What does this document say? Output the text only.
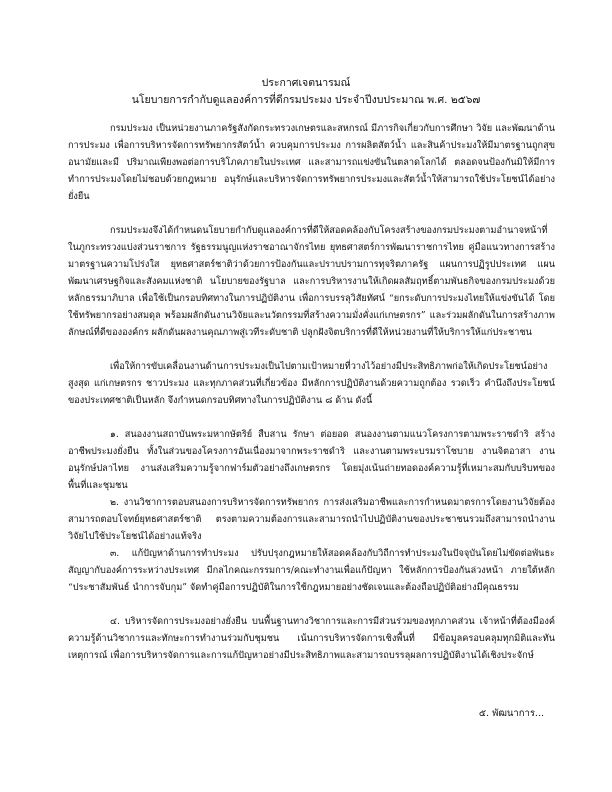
ประกาศเจตนารมณ์
นโยบายการกำกับดูแลองค์การที่ดีกรมประมง ประจำปีงบประมาณ พ.ศ. ๒๕๖๗

กรมประมง เป็นหน่วยงานภาครัฐสังกัดกระทรวงเกษตรและสหกรณ์ มีภารกิจเกี่ยวกับการศึกษา วิจัย และพัฒนาด้านการประมง เพื่อการบริหารจัดการทรัพยากรสัตว์น้ำ ควบคุมการประมง การผลิตสัตว์น้ำ และสินค้าประมงให้มีมาตรฐานถูกสุขอนามัยและมี ปริมาณเพียงพอต่อการบริโภคภายในประเทศ และสามารถแข่งขันในตลาดโลกได้ ตลอดจนป้องกันมิให้มีการทำการประมงโดยไม่ชอบด้วยกฎหมาย อนุรักษ์และบริหารจัดการทรัพยากรประมงและสัตว์น้ำให้สามารถใช้ประโยชน์ได้อย่างยั่งยืน

กรมประมงจึงได้กำหนดนโยบายกำกับดูแลองค์การที่ดีให้สอดคล้องกับโครงสร้างของกรมประมงตามอำนาจหน้าที่ในภูกระทรวงแบ่งส่วนราชการ รัฐธรรมนูญแห่งราชอาณาจักรไทย ยุทธศาสตร์การพัฒนาราชการไทย คู่มือแนวทางการสร้างมาตรฐานความโปร่งใส ยุทธศาสตร์ชาติว่าด้วยการป้องกันและปราบปรามการทุจริตภาครัฐ แผนการปฏิรูปประเทศ แผนพัฒนาเศรษฐกิจและสังคมแห่งชาติ นโยบายของรัฐบาล และการบริหารงานให้เกิดผลสัมฤทธิ์ตามพันธกิจของกรมประมงด้วยหลักธรรมาภิบาล เพื่อใช้เป็นกรอบทิศทางในการปฏิบัติงาน เพื่อการบรรลุวิสัยทัศน์ “ยกระดับการประมงไทยให้แข่งขันได้ โดยใช้ทรัพยากรอย่างสมดุล พร้อมผลักดันงานวิจัยและนวัตกรรมที่สร้างความมั่งคั่งแก่เกษตรกร” และร่วมผลักดันในการสร้างภาพลักษณ์ที่ดีขององค์กร ผลักดันผลงานคุณภาพสู่เวทีระดับชาติ ปลูกฝังจิตบริการที่ดีให้หน่วยงานที่ให้บริการให้แก่ประชาชน

เพื่อให้การขับเคลื่อนงานด้านการประมงเป็นไปตามเป้าหมายที่วางไว้อย่างมีประสิทธิภาพก่อให้เกิดประโยชน์อย่างสูงสุด แก่เกษตรกร ชาวประมง และทุกภาคส่วนที่เกี่ยวข้อง มีหลักการปฏิบัติงานด้วยความถูกต้อง รวดเร็ว คำนึงถึงประโยชน์ของประเทศชาติเป็นหลัก จึงกำหนดกรอบทิศทางในการปฏิบัติงาน ๘ ด้าน ดังนี้

๑. สนองงานสถาบันพระมหากษัตริย์ สืบสาน รักษา ต่อยอด สนองงานตามแนวโครงการตามพระราชดำริ สร้างอาชีพประมงยั่งยืน ทั้งในส่วนของโครงการอันเนื่องมาจากพระราชดำริ และงานตามพระบรมราโชบาย งานจิตอาสา งานอนุรักษ์ปลาไทย งานส่งเสริมความรู้จากฟาร์มตัวอย่างถึงเกษตรกร โดยมุ่งเน้นถ่ายทอดองค์ความรู้ที่เหมาะสมกับบริบทของพื้นที่และชุมชน

๒. งานวิชาการตอบสนองการบริหารจัดการทรัพยากร การส่งเสริมอาชีพและการกำหนดมาตรการโดยงานวิจัยต้องสามารถตอบโจทย์ยุทธศาสตร์ชาติ ตรงตามความต้องการและสามารถนำไปปฏิบัติงานของประชาชนรวมถึงสามารถนำงานวิจัยไปใช้ประโยชน์ได้อย่างแท้จริง

๓. แก้ปัญหาด้านการทำประมง ปรับปรุงกฎหมายให้สอดคล้องกับวิถีการทำประมงในปัจจุบันโดยไม่ขัดต่อพันธะสัญญากับองค์การระหว่างประเทศ มีกลไกคณะกรรมการ/คณะทำงานเพื่อแก้ปัญหา ใช้หลักการป้องกันล่วงหน้า ภายใต้หลัก “ประชาสัมพันธ์ นำการจับกุม” จัดทำคู่มือการปฏิบัติในการใช้กฎหมายอย่างชัดเจนและต้องถือปฏิบัติอย่างมีคุณธรรม

๔. บริหารจัดการประมงอย่างยั่งยืน บนพื้นฐานทางวิชาการและการมีส่วนร่วมของทุกภาคส่วน เจ้าหน้าที่ต้องมีองค์ความรู้ด้านวิชาการและทักษะการทำงานร่วมกับชุมชน เน้นการบริหารจัดการเชิงพื้นที่ มีข้อมูลครอบคลุมทุกมิติและทันเหตุการณ์ เพื่อการบริหารจัดการและการแก้ปัญหาอย่างมีประสิทธิภาพและสามารถบรรลุผลการปฏิบัติงานได้เชิงประจักษ์

๕. พัฒนาการ...
